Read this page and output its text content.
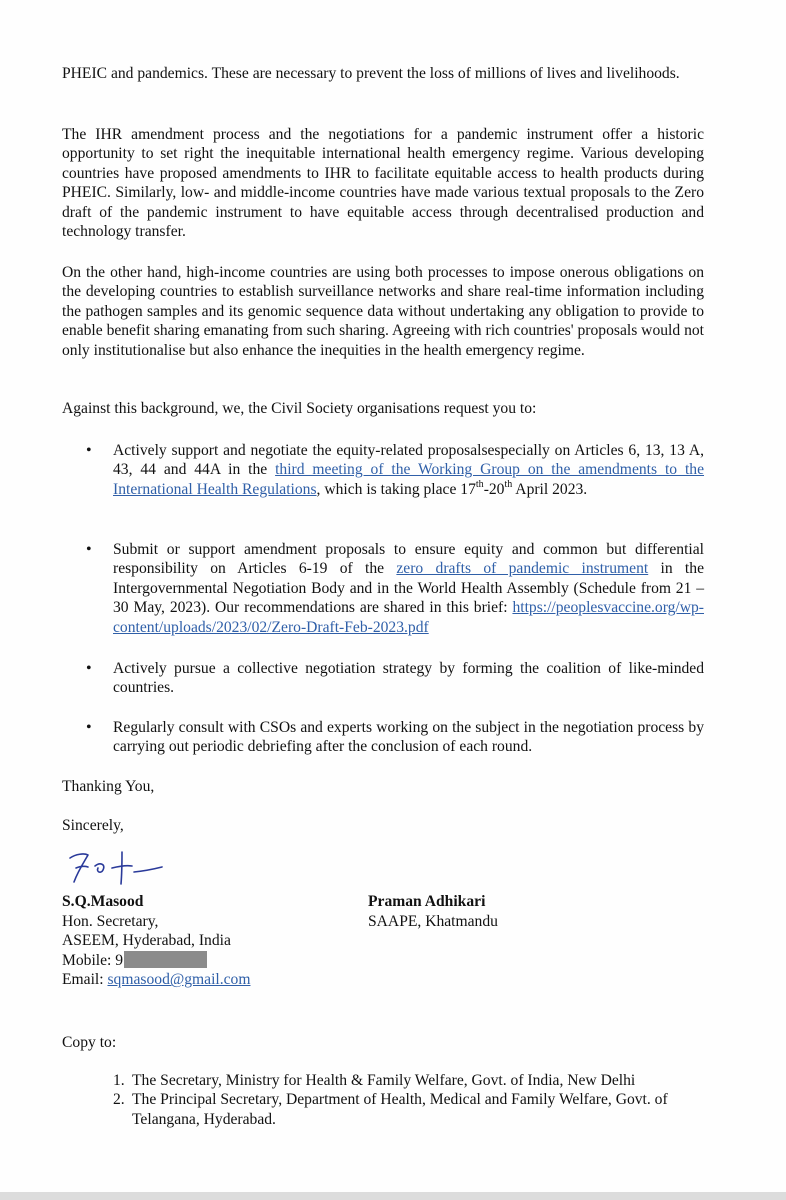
PHEIC and pandemics. These are necessary to prevent the loss of millions of lives and livelihoods.
The IHR amendment process and the negotiations for a pandemic instrument offer a historic opportunity to set right the inequitable international health emergency regime. Various developing countries have proposed amendments to IHR to facilitate equitable access to health products during PHEIC. Similarly, low- and middle-income countries have made various textual proposals to the Zero draft of the pandemic instrument to have equitable access through decentralised production and technology transfer.
On the other hand, high-income countries are using both processes to impose onerous obligations on the developing countries to establish surveillance networks and share real-time information including the pathogen samples and its genomic sequence data without undertaking any obligation to provide to enable benefit sharing emanating from such sharing. Agreeing with rich countries' proposals would not only institutionalise but also enhance the inequities in the health emergency regime.
Against this background, we, the Civil Society organisations request you to:
• Actively support and negotiate the equity-related proposalsespecially on Articles 6, 13, 13 A, 43, 44 and 44A in the third meeting of the Working Group on the amendments to the International Health Regulations, which is taking place 17th-20th April 2023.
• Submit or support amendment proposals to ensure equity and common but differential responsibility on Articles 6-19 of the zero drafts of pandemic instrument in the Intergovernmental Negotiation Body and in the World Health Assembly (Schedule from 21 – 30 May, 2023). Our recommendations are shared in this brief: https://peoplesvaccine.org/wp-content/uploads/2023/02/Zero-Draft-Feb-2023.pdf
• Actively pursue a collective negotiation strategy by forming the coalition of like-minded countries.
• Regularly consult with CSOs and experts working on the subject in the negotiation process by carrying out periodic debriefing after the conclusion of each round.
Thanking You,
Sincerely,
S.Q.Masood
Hon. Secretary,
ASEEM, Hyderabad, India
Mobile: 9
Email: sqmasood@gmail.com
Praman Adhikari
SAAPE, Khatmandu
Copy to:
1. The Secretary, Ministry for Health & Family Welfare, Govt. of India, New Delhi
2. The Principal Secretary, Department of Health, Medical and Family Welfare, Govt. of Telangana, Hyderabad.
